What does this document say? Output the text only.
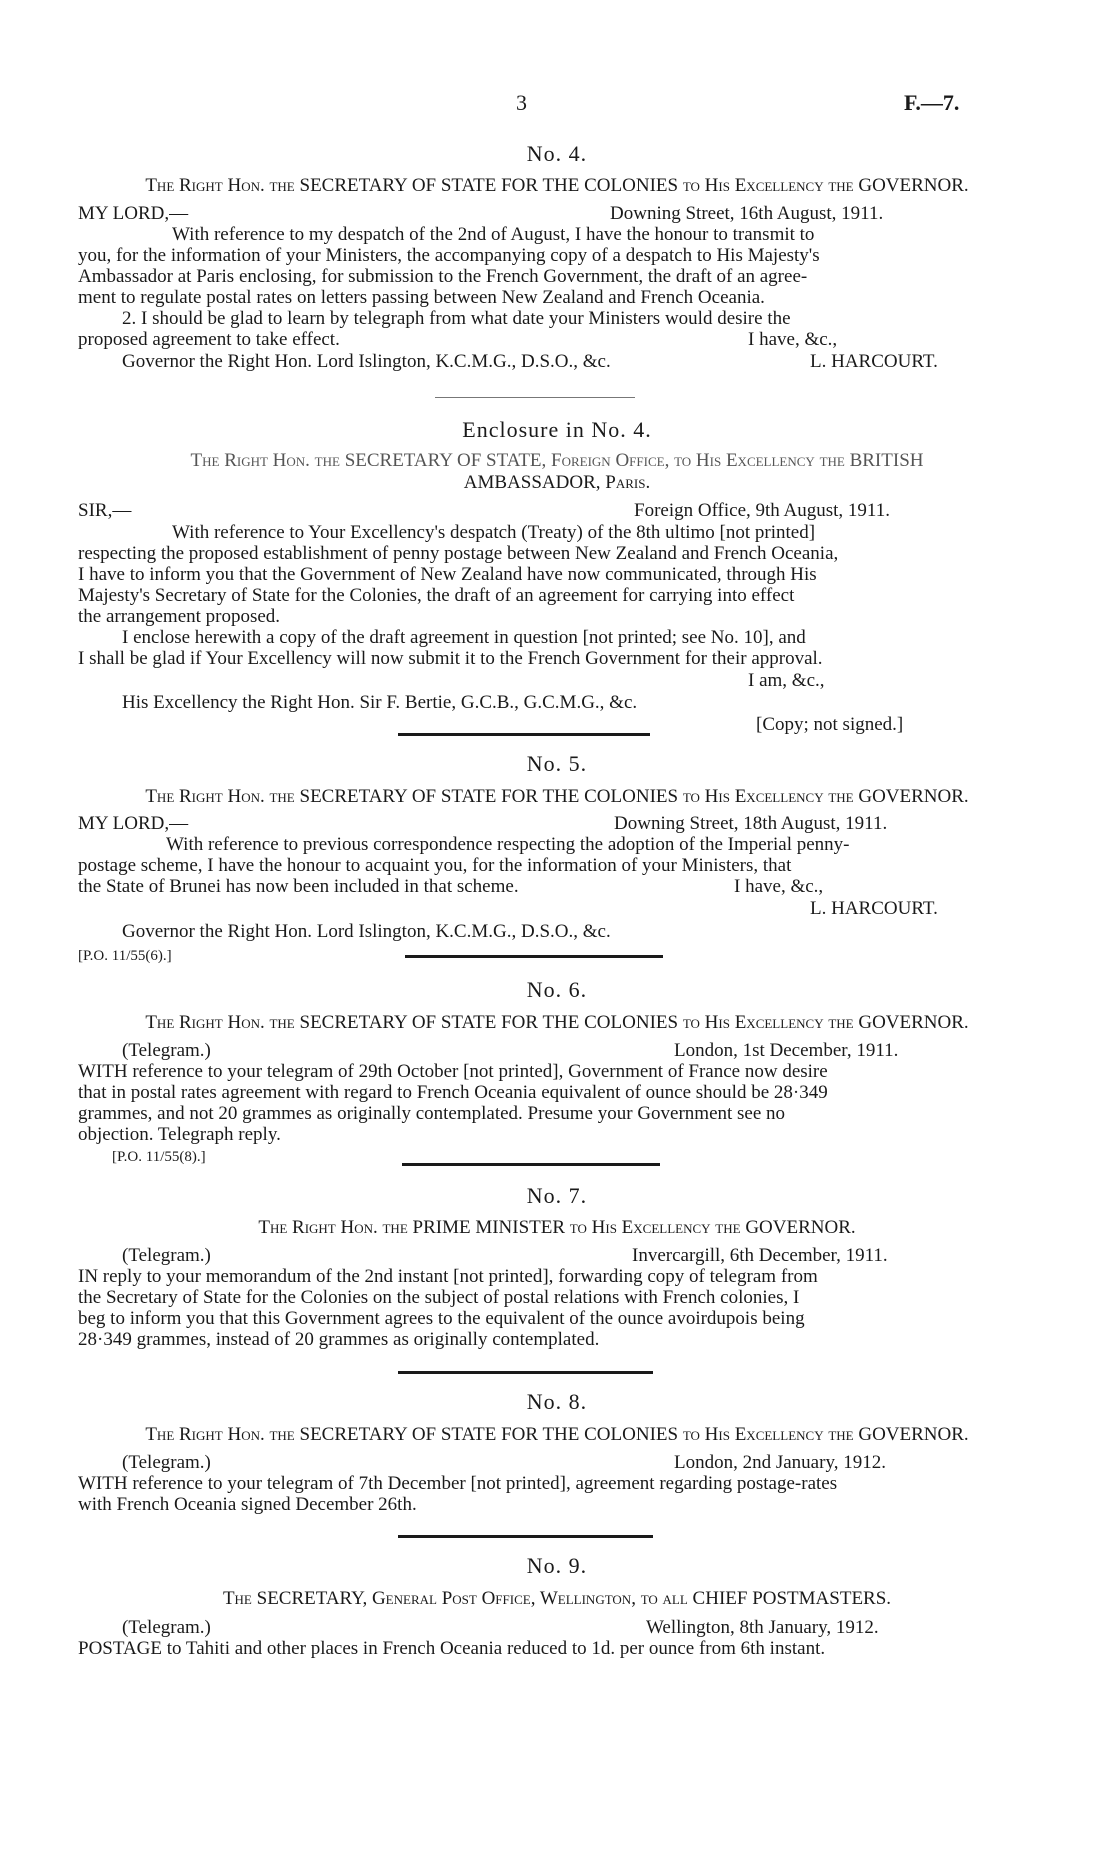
3	F.—7.
No. 4.
The Right Hon. the SECRETARY OF STATE FOR THE COLONIES to His Excellency the GOVERNOR.
MY LORD,—	Downing Street, 16th August, 1911.
With reference to my despatch of the 2nd of August, I have the honour to transmit to
you, for the information of your Ministers, the accompanying copy of a despatch to His Majesty's
Ambassador at Paris enclosing, for submission to the French Government, the draft of an agree-
ment to regulate postal rates on letters passing between New Zealand and French Oceania.
2. I should be glad to learn by telegraph from what date your Ministers would desire the
proposed agreement to take effect.	I have, &c.,
Governor the Right Hon. Lord Islington, K.C.M.G., D.S.O., &c.	L. HARCOURT.
Enclosure in No. 4.
The Right Hon. the SECRETARY OF STATE, Foreign Office, to His Excellency the BRITISH
AMBASSADOR, Paris.
SIR,—	Foreign Office, 9th August, 1911.
With reference to Your Excellency's despatch (Treaty) of the 8th ultimo [not printed]
respecting the proposed establishment of penny postage between New Zealand and French Oceania,
I have to inform you that the Government of New Zealand have now communicated, through His
Majesty's Secretary of State for the Colonies, the draft of an agreement for carrying into effect
the arrangement proposed.
I enclose herewith a copy of the draft agreement in question [not printed; see No. 10], and
I shall be glad if Your Excellency will now submit it to the French Government for their approval.
I am, &c.,
His Excellency the Right Hon. Sir F. Bertie, G.C.B., G.C.M.G., &c.
[Copy; not signed.]
No. 5.
The Right Hon. the SECRETARY OF STATE FOR THE COLONIES to His Excellency the GOVERNOR.
MY LORD,—	Downing Street, 18th August, 1911.
With reference to previous correspondence respecting the adoption of the Imperial penny-
postage scheme, I have the honour to acquaint you, for the information of your Ministers, that
the State of Brunei has now been included in that scheme.	I have, &c.,
L. HARCOURT.
Governor the Right Hon. Lord Islington, K.C.M.G., D.S.O., &c.
[P.O. 11/55(6).]
No. 6.
The Right Hon. the SECRETARY OF STATE FOR THE COLONIES to His Excellency the GOVERNOR.
(Telegram.)	London, 1st December, 1911.
WITH reference to your telegram of 29th October [not printed], Government of France now desire
that in postal rates agreement with regard to French Oceania equivalent of ounce should be 28·349
grammes, and not 20 grammes as originally contemplated. Presume your Government see no
objection. Telegraph reply.
[P.O. 11/55(8).]
No. 7.
The Right Hon. the PRIME MINISTER to His Excellency the GOVERNOR.
(Telegram.)	Invercargill, 6th December, 1911.
IN reply to your memorandum of the 2nd instant [not printed], forwarding copy of telegram from
the Secretary of State for the Colonies on the subject of postal relations with French colonies, I
beg to inform you that this Government agrees to the equivalent of the ounce avoirdupois being
28·349 grammes, instead of 20 grammes as originally contemplated.
No. 8.
The Right Hon. the SECRETARY OF STATE FOR THE COLONIES to His Excellency the GOVERNOR.
(Telegram.)	London, 2nd January, 1912.
WITH reference to your telegram of 7th December [not printed], agreement regarding postage-rates
with French Oceania signed December 26th.
No. 9.
The SECRETARY, General Post Office, Wellington, to all CHIEF POSTMASTERS.
(Telegram.)	Wellington, 8th January, 1912.
POSTAGE to Tahiti and other places in French Oceania reduced to 1d. per ounce from 6th instant.
